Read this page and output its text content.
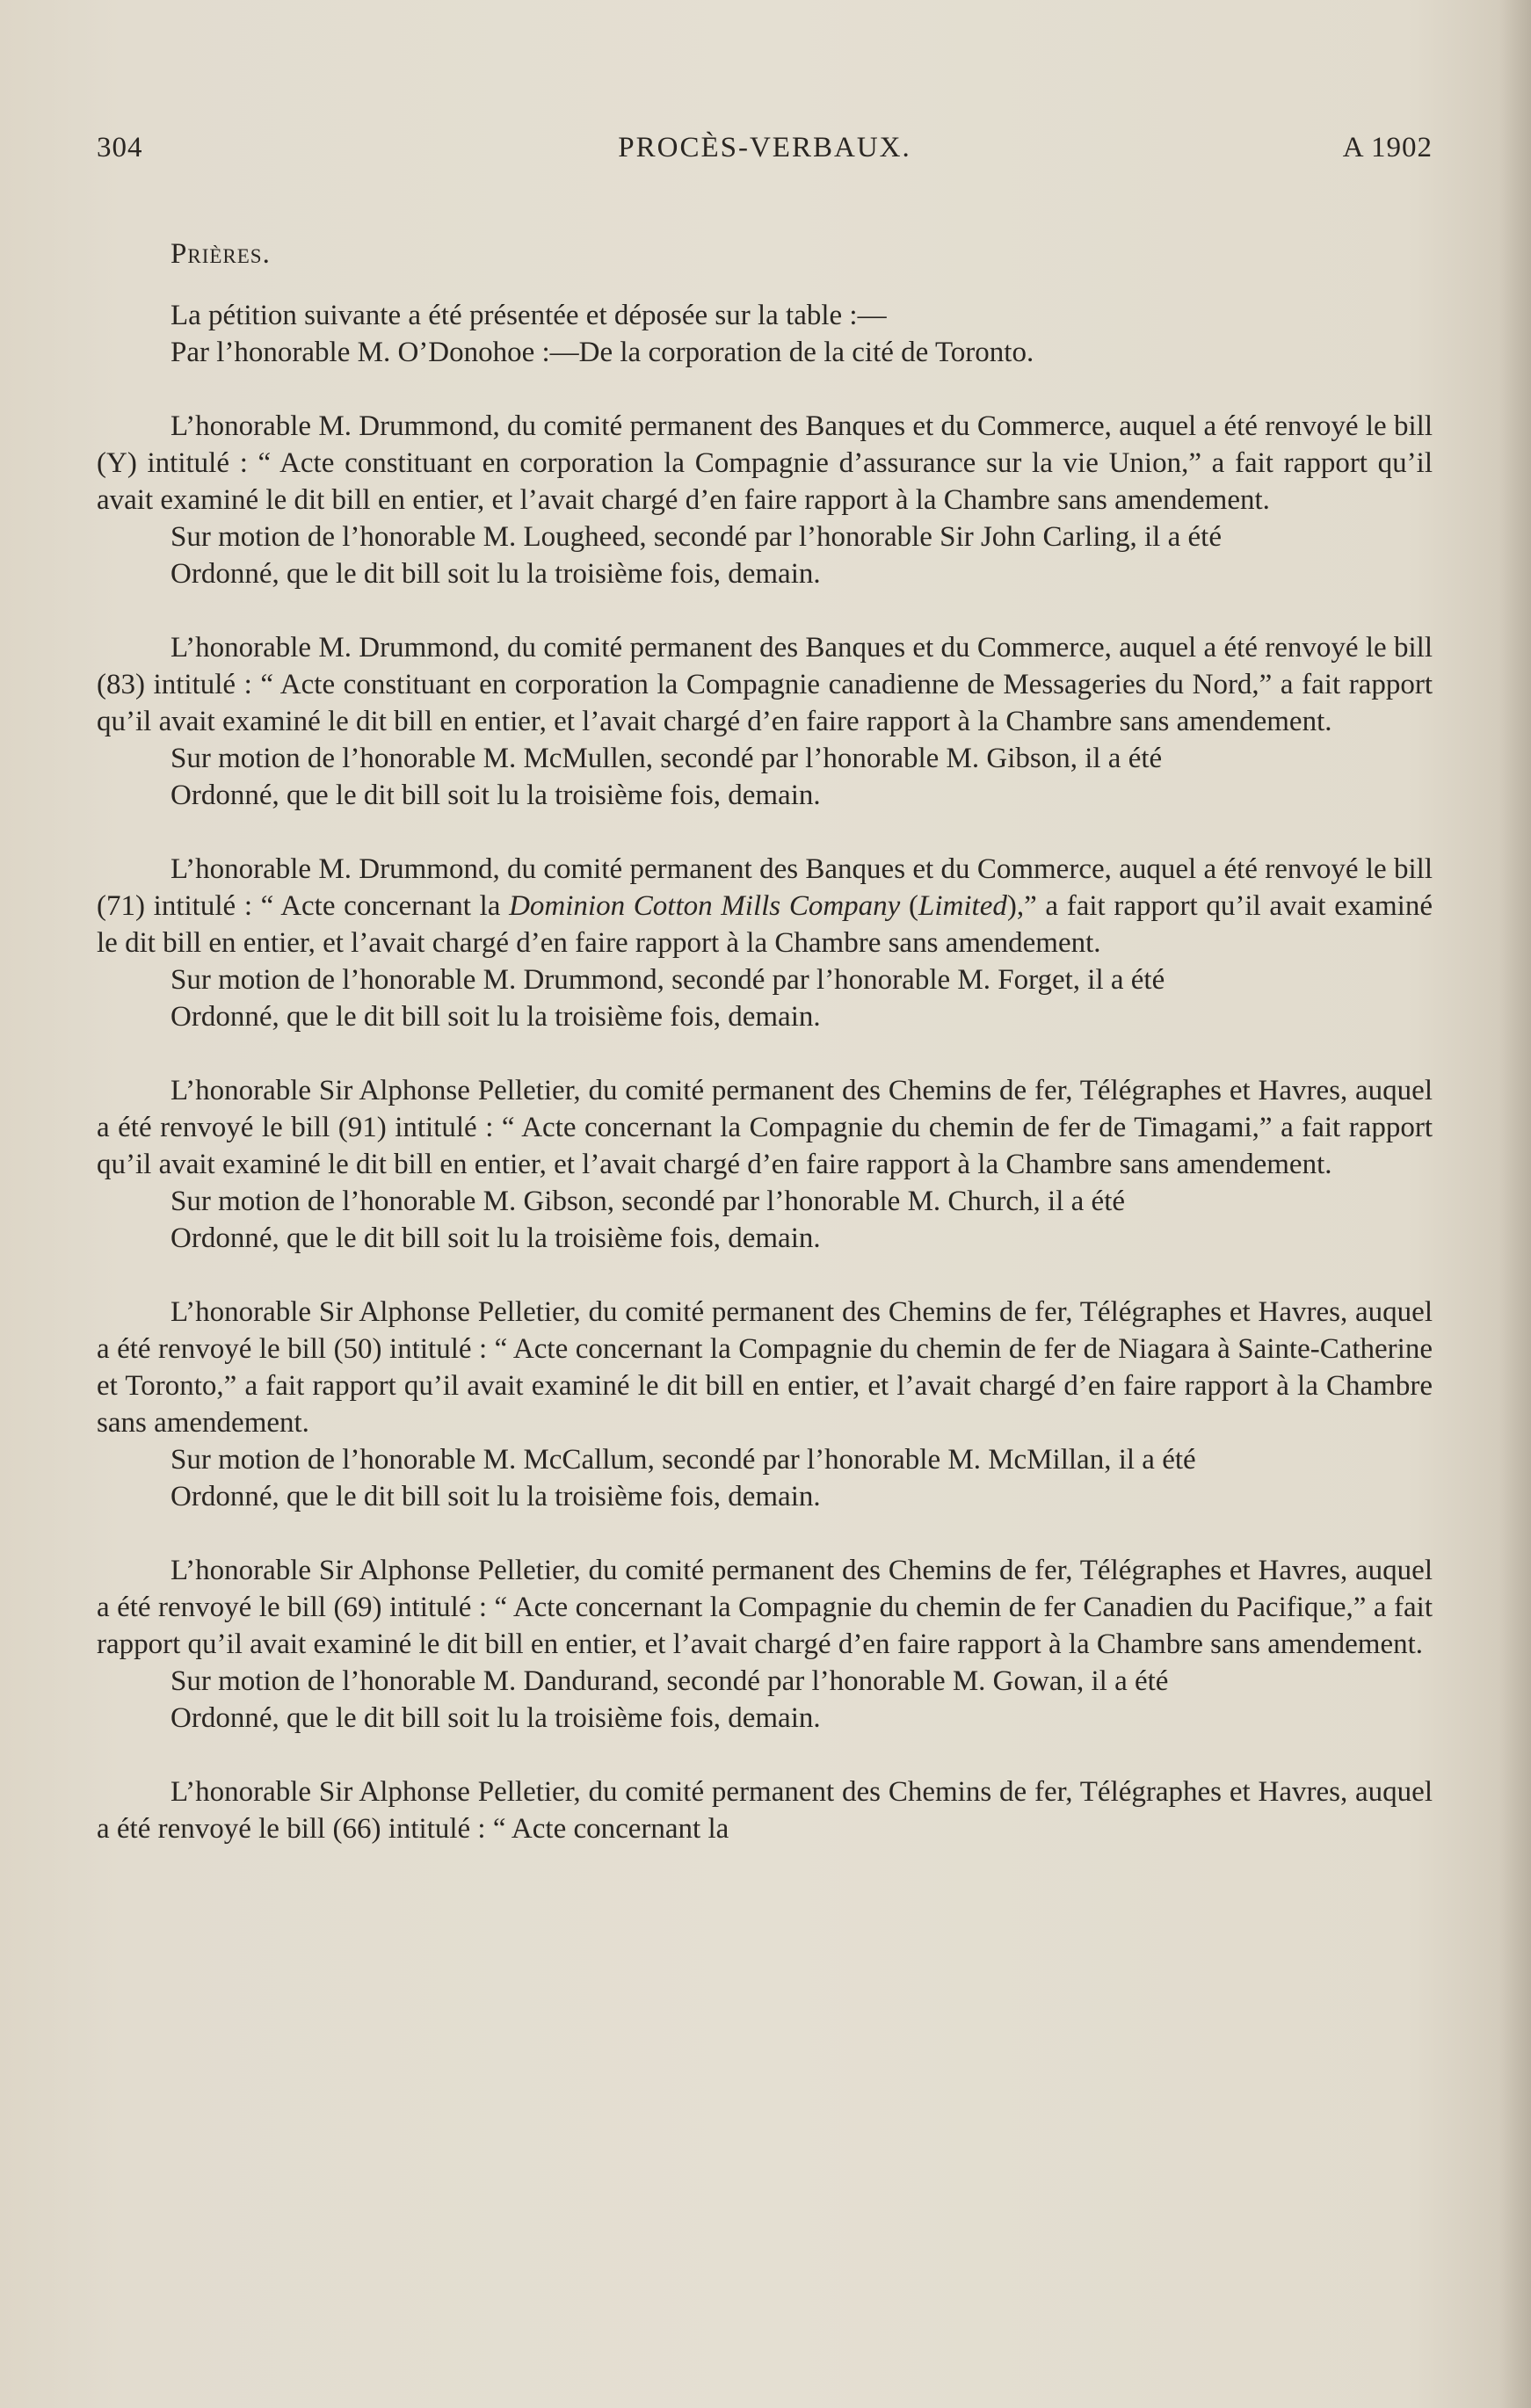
304	PROCÈS-VERBAUX.	A 1902

Prières.

La pétition suivante a été présentée et déposée sur la table :—

Par l’honorable M. O’Donohoe :—De la corporation de la cité de Toronto.

L’honorable M. Drummond, du comité permanent des Banques et du Commerce, auquel a été renvoyé le bill (Y) intitulé : “ Acte constituant en corporation la Compagnie d’assurance sur la vie Union,” a fait rapport qu’il avait examiné le dit bill en entier, et l’avait chargé d’en faire rapport à la Chambre sans amendement.

Sur motion de l’honorable M. Lougheed, secondé par l’honorable Sir John Carling, il a été

Ordonné, que le dit bill soit lu la troisième fois, demain.

L’honorable M. Drummond, du comité permanent des Banques et du Commerce, auquel a été renvoyé le bill (83) intitulé : “ Acte constituant en corporation la Compagnie canadienne de Messageries du Nord,” a fait rapport qu’il avait examiné le dit bill en entier, et l’avait chargé d’en faire rapport à la Chambre sans amendement.

Sur motion de l’honorable M. McMullen, secondé par l’honorable M. Gibson, il a été

Ordonné, que le dit bill soit lu la troisième fois, demain.

L’honorable M. Drummond, du comité permanent des Banques et du Commerce, auquel a été renvoyé le bill (71) intitulé : “ Acte concernant la Dominion Cotton Mills Company (Limited),” a fait rapport qu’il avait examiné le dit bill en entier, et l’avait chargé d’en faire rapport à la Chambre sans amendement.

Sur motion de l’honorable M. Drummond, secondé par l’honorable M. Forget, il a été

Ordonné, que le dit bill soit lu la troisième fois, demain.

L’honorable Sir Alphonse Pelletier, du comité permanent des Chemins de fer, Télégraphes et Havres, auquel a été renvoyé le bill (91) intitulé : “ Acte concernant la Compagnie du chemin de fer de Timagami,” a fait rapport qu’il avait examiné le dit bill en entier, et l’avait chargé d’en faire rapport à la Chambre sans amendement.

Sur motion de l’honorable M. Gibson, secondé par l’honorable M. Church, il a été

Ordonné, que le dit bill soit lu la troisième fois, demain.

L’honorable Sir Alphonse Pelletier, du comité permanent des Chemins de fer, Télégraphes et Havres, auquel a été renvoyé le bill (50) intitulé : “ Acte concernant la Compagnie du chemin de fer de Niagara à Sainte-Catherine et Toronto,” a fait rapport qu’il avait examiné le dit bill en entier, et l’avait chargé d’en faire rapport à la Chambre sans amendement.

Sur motion de l’honorable M. McCallum, secondé par l’honorable M. McMillan, il a été

Ordonné, que le dit bill soit lu la troisième fois, demain.

L’honorable Sir Alphonse Pelletier, du comité permanent des Chemins de fer, Télégraphes et Havres, auquel a été renvoyé le bill (69) intitulé : “ Acte concernant la Compagnie du chemin de fer Canadien du Pacifique,” a fait rapport qu’il avait examiné le dit bill en entier, et l’avait chargé d’en faire rapport à la Chambre sans amendement.

Sur motion de l’honorable M. Dandurand, secondé par l’honorable M. Gowan, il a été

Ordonné, que le dit bill soit lu la troisième fois, demain.

L’honorable Sir Alphonse Pelletier, du comité permanent des Chemins de fer, Télégraphes et Havres, auquel a été renvoyé le bill (66) intitulé : “ Acte concernant la
